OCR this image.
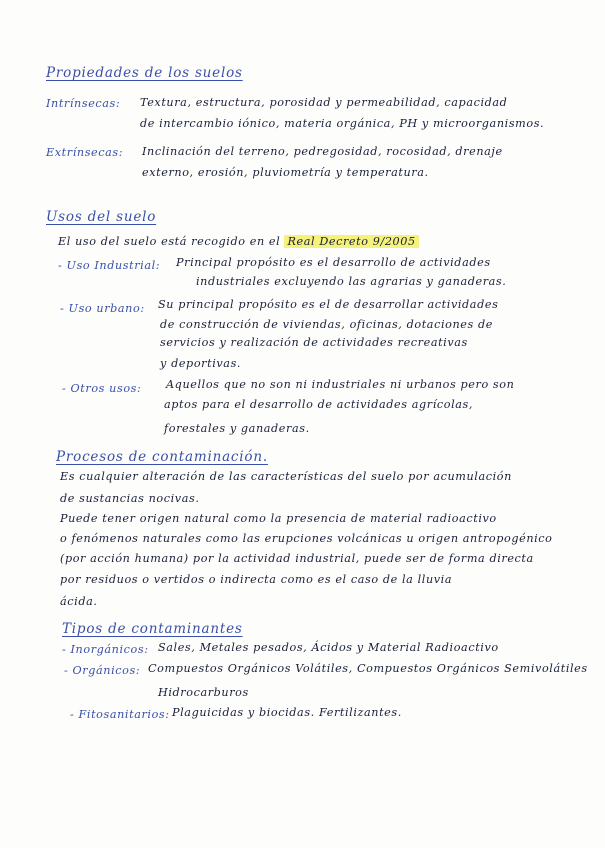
Propiedades de los suelos
Intrínsecas: Textura, estructura, porosidad y permeabilidad, capacidad
de intercambio iónico, materia orgánica, PH y microorganismos.
Extrínsecas: Inclinación del terreno, pedregosidad, rocosidad, drenaje
externo, erosión, pluviometría y temperatura.
Usos del suelo
El uso del suelo está recogido en el Real Decreto 9/2005
- Uso Industrial: Principal propósito es el desarrollo de actividades
industriales excluyendo las agrarias y ganaderas.
- Uso urbano: Su principal propósito es el de desarrollar actividades
de construcción de viviendas, oficinas, dotaciones de
servicios y realización de actividades recreativas
y deportivas.
- Otros usos: Aquellos que no son ni industriales ni urbanos pero son
aptos para el desarrollo de actividades agrícolas,
forestales y ganaderas.
Procesos de contaminación.
Es cualquier alteración de las características del suelo por acumulación
de sustancias nocivas.
Puede tener origen natural como la presencia de material radioactivo
o fenómenos naturales como las erupciones volcánicas u origen antropogénico
(por acción humana) por la actividad industrial, puede ser de forma directa
por residuos o vertidos o indirecta como es el caso de la lluvia
ácida.
Tipos de contaminantes
- Inorgánicos: Sales, Metales pesados, Ácidos y Material Radioactivo
- Orgánicos: Compuestos Orgánicos Volátiles, Compuestos Orgánicos Semivolátiles
Hidrocarburos
- Fitosanitarios: Plaguicidas y biocidas. Fertilizantes.
